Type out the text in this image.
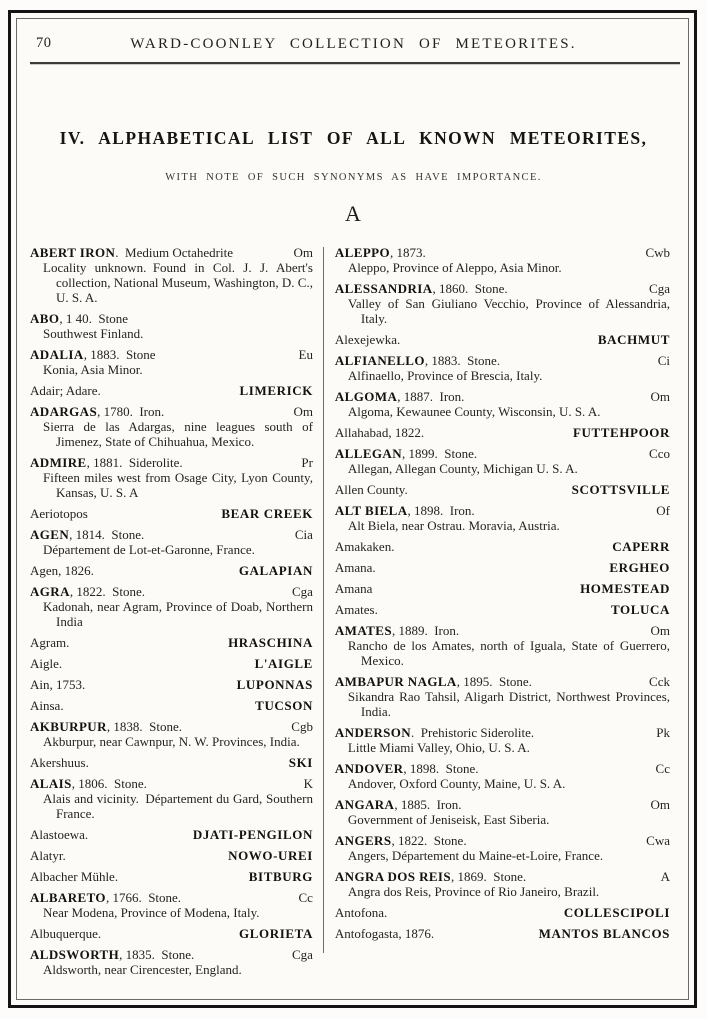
70	WARD-COONLEY COLLECTION OF METEORITES.
IV. ALPHABETICAL LIST OF ALL KNOWN METEORITES,
WITH NOTE OF SUCH SYNONYMS AS HAVE IMPORTANCE.
A
ABERT IRON. Medium Octahedrite	Om
Locality unknown. Found in Col. J. J. Abert's collection, National Museum, Washington, D. C., U. S. A.
ABO, 1 40. Stone
Southwest Finland.
ADALIA, 1883. Stone	Eu
Konia, Asia Minor.
Adair; Adare.	LIMERICK
ADARGAS, 1780. Iron.	Om
Sierra de las Adargas, nine leagues south of Jimenez, State of Chihuahua, Mexico.
ADMIRE, 1881. Siderolite.	Pr
Fifteen miles west from Osage City, Lyon County, Kansas, U. S. A
Aeriotopos	BEAR CREEK
AGEN, 1814. Stone.	Cia
Département de Lot-et-Garonne, France.
Agen, 1826.	GALAPIAN
AGRA, 1822. Stone.	Cga
Kadonah, near Agram, Province of Doab, Northern India
Agram.	HRASCHINA
Aigle.	L'AIGLE
Ain, 1753.	LUPONNAS
Ainsa.	TUCSON
AKBURPUR, 1838. Stone.	Cgb
Akburpur, near Cawnpur, N. W. Provinces, India.
Akershuus.	SKI
ALAIS, 1806. Stone.	K
Alais and vicinity. Département du Gard, Southern France.
Alastoewa.	DJATI-PENGILON
Alatyr.	NOWO-UREI
Albacher Mühle.	BITBURG
ALBARETO, 1766. Stone.	Cc
Near Modena, Province of Modena, Italy.
Albuquerque.	GLORIETA
ALDSWORTH, 1835. Stone.	Cga
Aldsworth, near Cirencester, England.
ALEPPO, 1873.	Cwb
Aleppo, Province of Aleppo, Asia Minor.
ALESSANDRIA, 1860. Stone.	Cga
Valley of San Giuliano Vecchio, Province of Alessandria, Italy.
Alexejewka.	BACHMUT
ALFIANELLO, 1883. Stone.	Ci
Alfinaello, Province of Brescia, Italy.
ALGOMA, 1887. Iron.	Om
Algoma, Kewaunee County, Wisconsin, U. S. A.
Allahabad, 1822.	FUTTEHPOOR
ALLEGAN, 1899. Stone.	Cco
Allegan, Allegan County, Michigan U. S. A.
Allen County.	SCOTTSVILLE
ALT BIELA, 1898. Iron.	Of
Alt Biela, near Ostrau. Moravia, Austria.
Amakaken.	CAPERR
Amana.	ERGHEO
Amana	HOMESTEAD
Amates.	TOLUCA
AMATES, 1889. Iron.	Om
Rancho de los Amates, north of Iguala, State of Guerrero, Mexico.
AMBAPUR NAGLA, 1895. Stone.	Cck
Sikandra Rao Tahsil, Aligarh District, Northwest Provinces, India.
ANDERSON. Prehistoric Siderolite.	Pk
Little Miami Valley, Ohio, U. S. A.
ANDOVER, 1898. Stone.	Cc
Andover, Oxford County, Maine, U. S. A.
ANGARA, 1885. Iron.	Om
Government of Jeniseisk, East Siberia.
ANGERS, 1822. Stone.	Cwa
Angers, Département du Maine-et-Loire, France.
ANGRA DOS REIS, 1869. Stone.	A
Angra dos Reis, Province of Rio Janeiro, Brazil.
Antofona.	COLLESCIPOLI
Antofogasta, 1876.	MANTOS BLANCOS
